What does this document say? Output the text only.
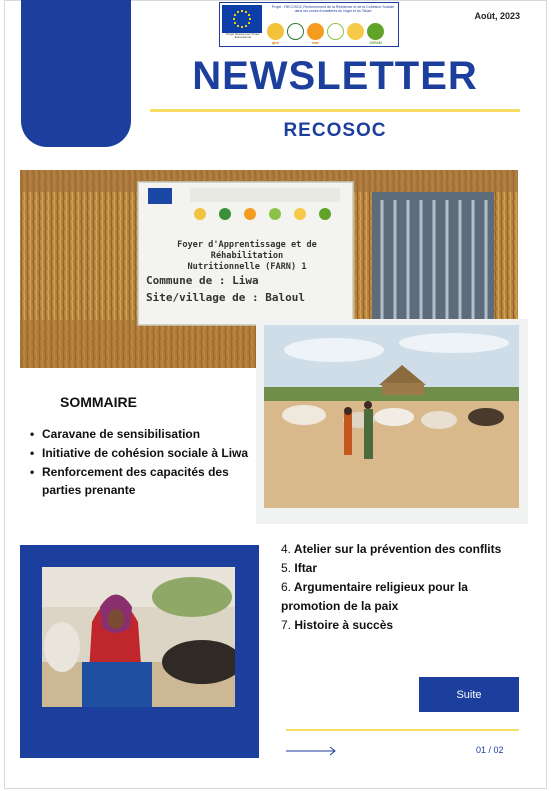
Projet financé par l'Union Européenne
Projet : RECOSOC Renforcement de la Résilience et de la Cohésion Sociale dans les zones frontalières du Niger et du Tchad
qieri	care	OXFAM
Août, 2023
NEWSLETTER
RECOSOC
Foyer d'Apprentissage et de Réhabilitation
Nutritionnelle (FARN) 1
Commune de : Liwa
Site/village de : Baloul
SOMMAIRE
• Caravane de sensibilisation
• Initiative de cohésion sociale à Liwa
• Renforcement des capacités des parties prenante
4. Atelier sur la prévention des conflits
5. Iftar
6. Argumentaire religieux pour la promotion de la paix
7. Histoire à succès
Suite
01 / 02
